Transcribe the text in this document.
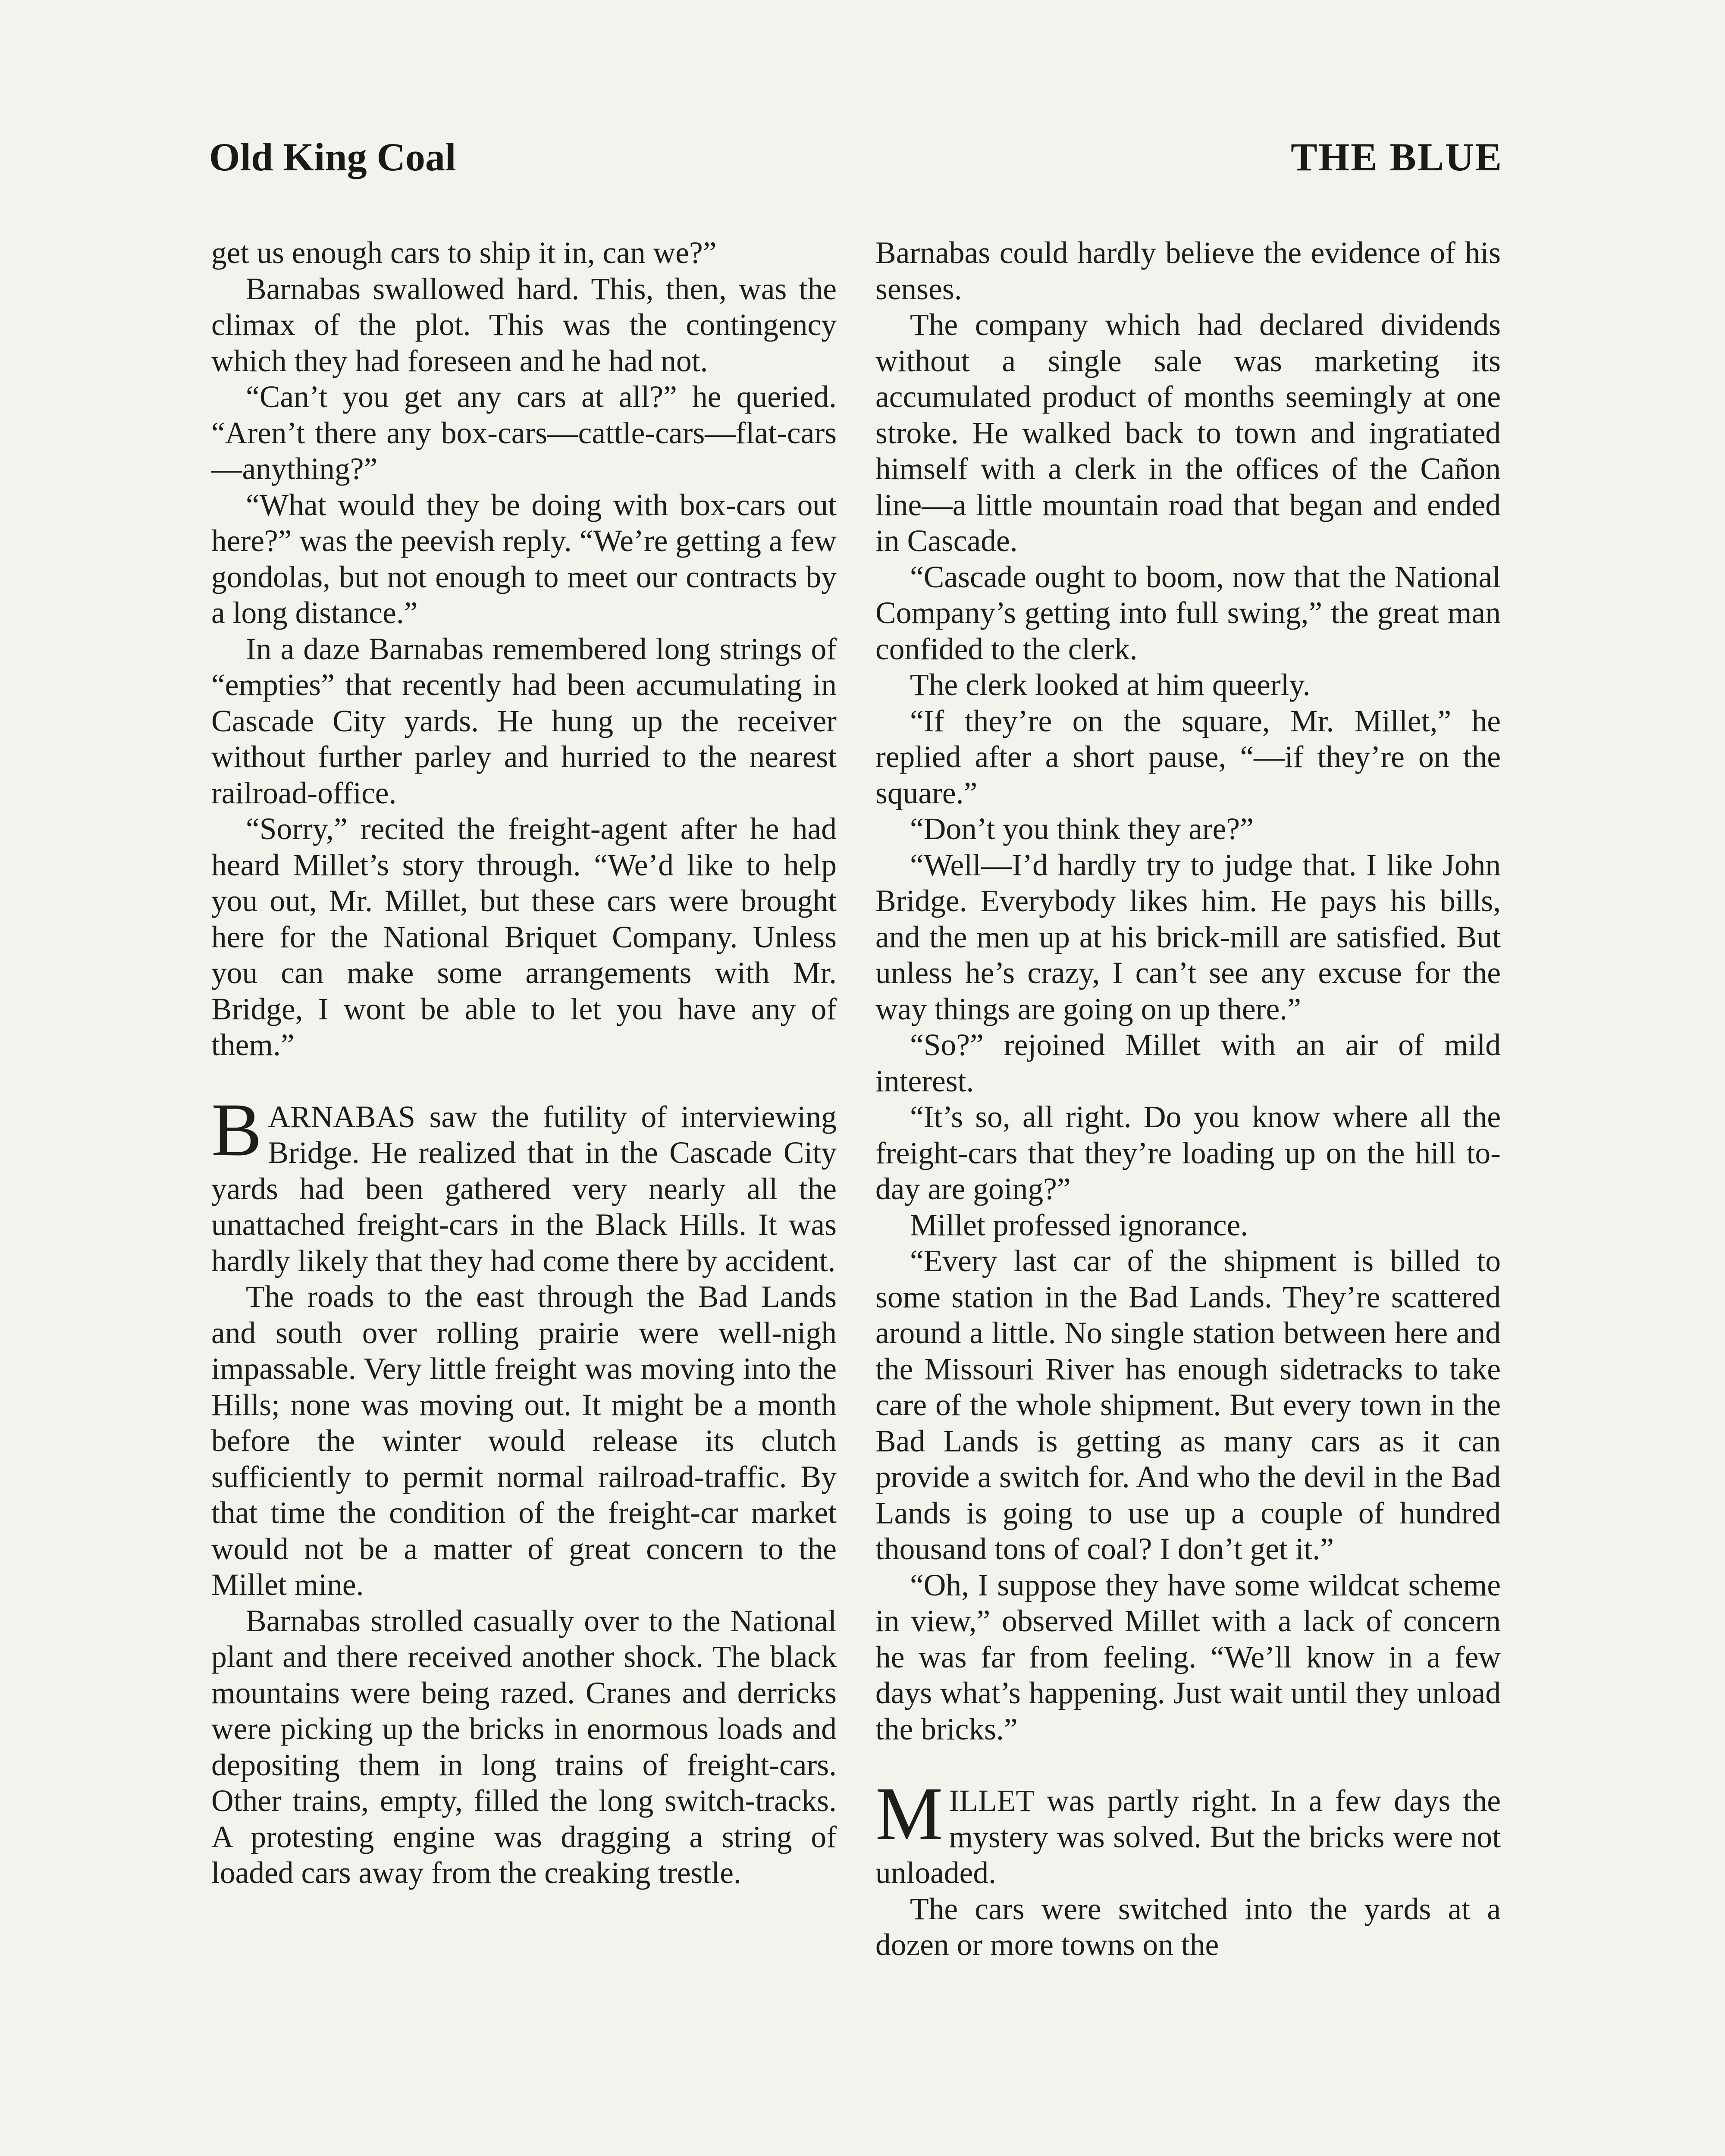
Old King Coal	THE BLUE

get us enough cars to ship it in, can we?”

Barnabas swallowed hard. This, then, was the climax of the plot. This was the contingency which they had foreseen and he had not.

“Can’t you get any cars at all?” he queried. “Aren’t there any box-cars—cattle-cars—flat-cars—anything?”

“What would they be doing with box-cars out here?” was the peevish reply. “We’re getting a few gondolas, but not enough to meet our contracts by a long distance.”

In a daze Barnabas remembered long strings of “empties” that recently had been accumulating in Cascade City yards. He hung up the receiver without further parley and hurried to the nearest railroad-office.

“Sorry,” recited the freight-agent after he had heard Millet’s story through. “We’d like to help you out, Mr. Millet, but these cars were brought here for the National Briquet Company. Unless you can make some arrangements with Mr. Bridge, I wont be able to let you have any of them.”

BARNABAS saw the futility of interviewing Bridge. He realized that in the Cascade City yards had been gathered very nearly all the unattached freight-cars in the Black Hills. It was hardly likely that they had come there by accident.

The roads to the east through the Bad Lands and south over rolling prairie were well-nigh impassable. Very little freight was moving into the Hills; none was moving out. It might be a month before the winter would release its clutch sufficiently to permit normal railroad-traffic. By that time the condition of the freight-car market would not be a matter of great concern to the Millet mine.

Barnabas strolled casually over to the National plant and there received another shock. The black mountains were being razed. Cranes and derricks were picking up the bricks in enormous loads and depositing them in long trains of freight-cars. Other trains, empty, filled the long switch-tracks. A protesting engine was dragging a string of loaded cars away from the creaking trestle.

Barnabas could hardly believe the evidence of his senses.

The company which had declared dividends without a single sale was marketing its accumulated product of months seemingly at one stroke. He walked back to town and ingratiated himself with a clerk in the offices of the Cañon line—a little mountain road that began and ended in Cascade.

“Cascade ought to boom, now that the National Company’s getting into full swing,” the great man confided to the clerk.

The clerk looked at him queerly.

“If they’re on the square, Mr. Millet,” he replied after a short pause, “—if they’re on the square.”

“Don’t you think they are?”

“Well—I’d hardly try to judge that. I like John Bridge. Everybody likes him. He pays his bills, and the men up at his brick-mill are satisfied. But unless he’s crazy, I can’t see any excuse for the way things are going on up there.”

“So?” rejoined Millet with an air of mild interest.

“It’s so, all right. Do you know where all the freight-cars that they’re loading up on the hill to-day are going?”

Millet professed ignorance.

“Every last car of the shipment is billed to some station in the Bad Lands. They’re scattered around a little. No single station between here and the Missouri River has enough sidetracks to take care of the whole shipment. But every town in the Bad Lands is getting as many cars as it can provide a switch for. And who the devil in the Bad Lands is going to use up a couple of hundred thousand tons of coal? I don’t get it.”

“Oh, I suppose they have some wildcat scheme in view,” observed Millet with a lack of concern he was far from feeling. “We’ll know in a few days what’s happening. Just wait until they unload the bricks.”

MILLET was partly right. In a few days the mystery was solved. But the bricks were not unloaded.

The cars were switched into the yards at a dozen or more towns on the
